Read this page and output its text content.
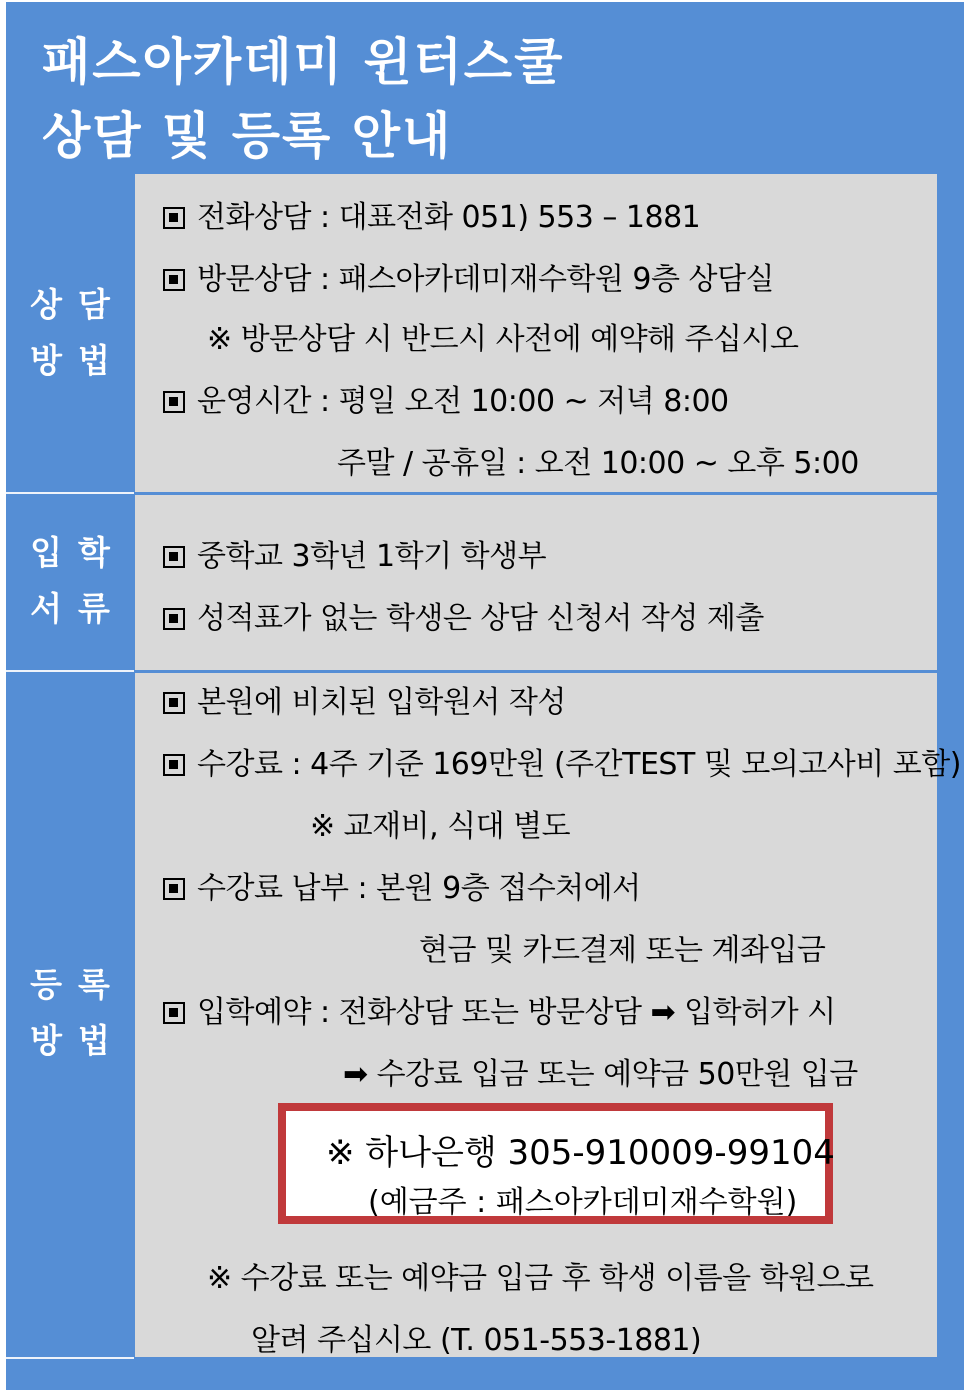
패스아카데미 윈터스쿨
상담 및 등록 안내
상담
방법
전화상담 : 대표전화 051) 553 – 1881
방문상담 : 패스아카데미재수학원 9층 상담실
※ 방문상담 시 반드시 사전에 예약해 주십시오
운영시간 : 평일 오전 10:00 ~ 저녁 8:00
주말 / 공휴일 : 오전 10:00 ~ 오후 5:00
입학
서류
중학교 3학년 1학기 학생부
성적표가 없는 학생은 상담 신청서 작성 제출
등록
방법
본원에 비치된 입학원서 작성
수강료 : 4주 기준 169만원 (주간TEST 및 모의고사비 포함)
※ 교재비, 식대 별도
수강료 납부 : 본원 9층 접수처에서
현금 및 카드결제 또는 계좌입금
입학예약 : 전화상담 또는 방문상담 ➡ 입학허가 시
➡ 수강료 입금 또는 예약금 50만원 입금
※ 하나은행 305-910009-99104
(예금주 : 패스아카데미재수학원)
※ 수강료 또는 예약금 입금 후 학생 이름을 학원으로
알려 주십시오 (T. 051-553-1881)
